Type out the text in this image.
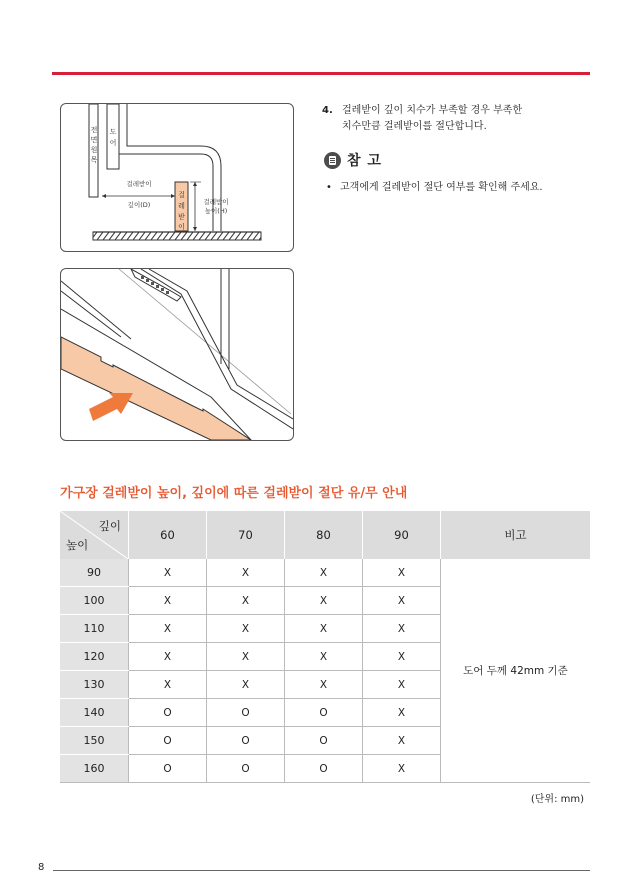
전
면
원
목
도
어
걸
레
받
이
걸레받이
깊이(D)	걸레받이
높이(H)
4. 걸레받이 깊이 치수가 부족할 경우 부족한
치수만큼 걸레받이를 절단합니다.
참 고
• 고객에게 걸레받이 절단 여부를 확인해 주세요.
가구장 걸레받이 높이, 깊이에 따른 걸레받이 절단 유/무 안내
깊이
높이	60	70	80	90	비고
90	X	X	X	X	도어 두께 42mm 기준
100	X	X	X	X	
110	X	X	X	X	
120	X	X	X	X	
130	X	X	X	X	
140	O	O	O	X	
150	O	O	O	X	
160	O	O	O	X	
(단위: mm)
8
